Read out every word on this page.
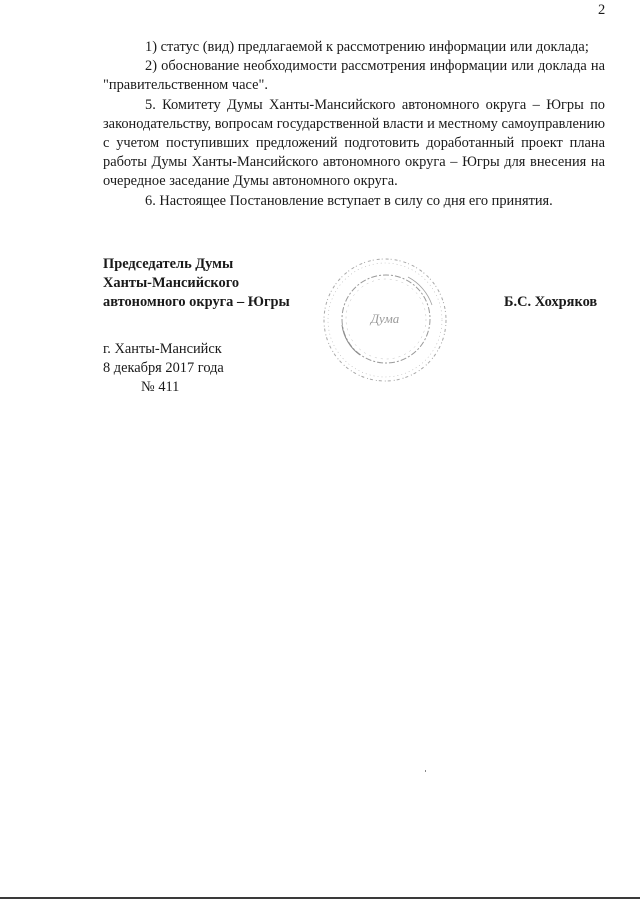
2

1) статус (вид) предлагаемой к рассмотрению информации или доклада;

2) обоснование необходимости рассмотрения информации или доклада на "правительственном часе".

5. Комитету Думы Ханты-Мансийского автономного округа – Югры по законодательству, вопросам государственной власти и местному самоуправлению с учетом поступивших предложений подготовить доработанный проект плана работы Думы Ханты-Мансийского автономного округа – Югры для внесения на очередное заседание Думы автономного округа.

6. Настоящее Постановление вступает в силу со дня его принятия.

Председатель Думы
Ханты-Мансийского
автономного округа – Югры	Б.С. Хохряков
Дума
г. Ханты-Мансийск
8 декабря 2017 года
№ 411
